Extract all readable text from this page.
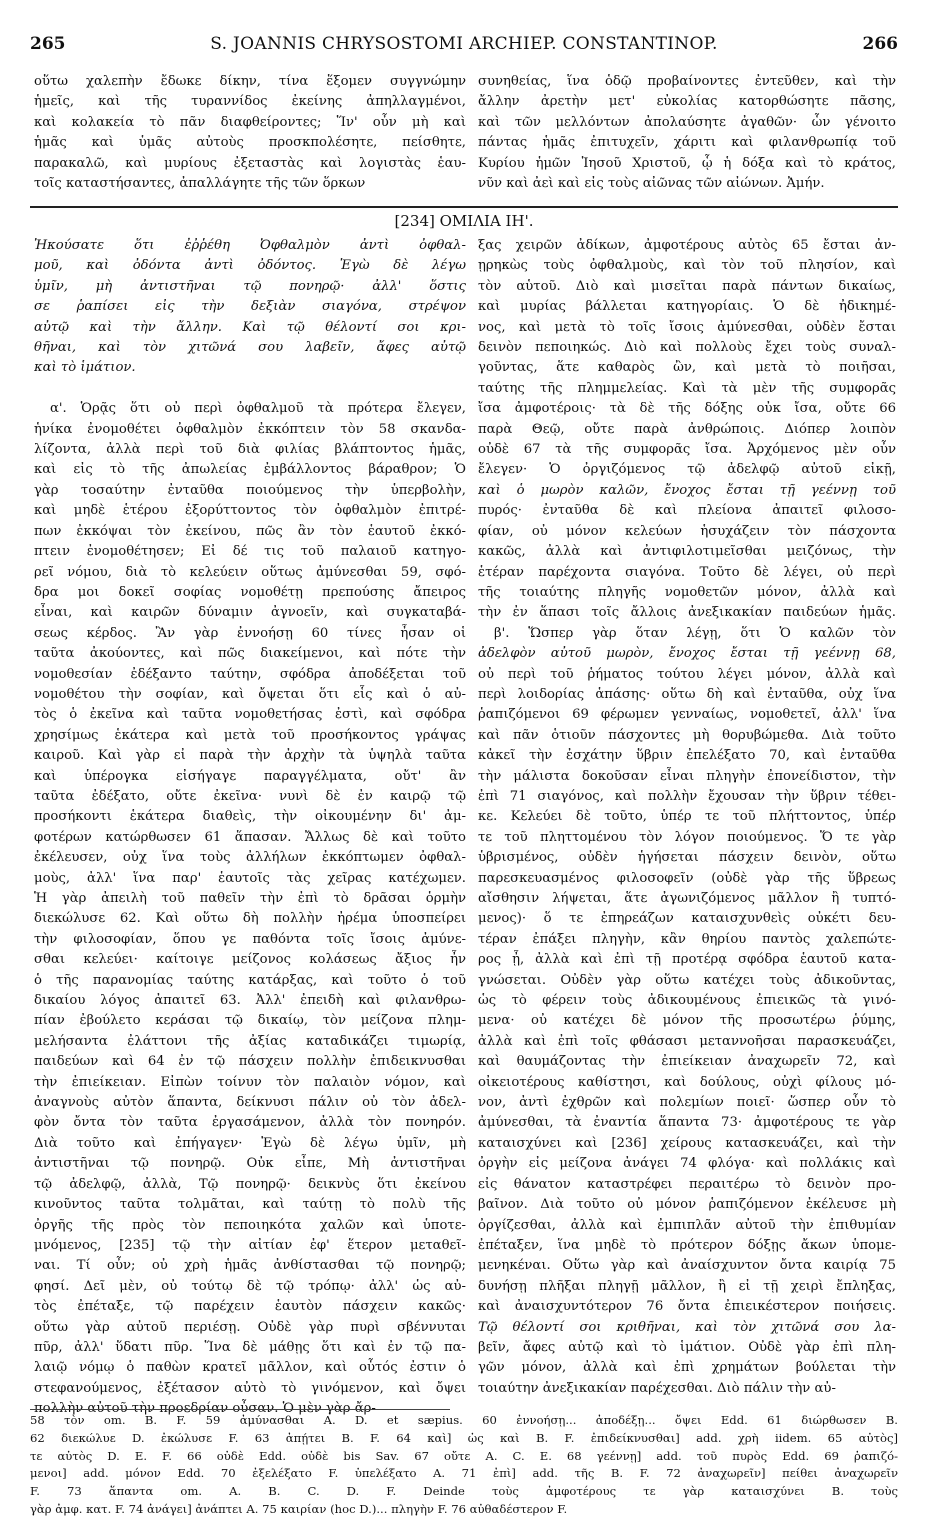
265	S. JOANNIS CHRYSOSTOMI ARCHIEP. CONSTANTINOP.	266
οὕτω χαλεπὴν ἔδωκε δίκην, τίνα ἕξομεν συγγνώμην
ἡμεῖς, καὶ τῆς τυραννίδος ἐκείνης ἀπηλλαγμένοι,
καὶ κολακεία τὸ πᾶν διαφθείροντες; Ἵν' οὖν μὴ καὶ
ἡμᾶς καὶ ὑμᾶς αὐτοὺς προσκπολέσητε, πείσθητε,
παρακαλῶ, καὶ μυρίους ἐξεταστὰς καὶ λογιστὰς ἑαυ-
τοῖς καταστήσαντες, ἀπαλλάγητε τῆς τῶν ὅρκων
συνηθείας, ἵνα ὁδῷ προβαίνοντες ἐντεῦθεν, καὶ τὴν
ἄλλην ἀρετὴν μετ' εὐκολίας κατορθώσητε πᾶσης,
καὶ τῶν μελλόντων ἀπολαύσητε ἀγαθῶν· ὧν γένοιτο
πάντας ἡμᾶς ἐπιτυχεῖν, χάριτι καὶ φιλανθρωπίᾳ τοῦ
Κυρίου ἡμῶν Ἰησοῦ Χριστοῦ, ᾧ ἡ δόξα καὶ τὸ κράτος,
νῦν καὶ ἀεὶ καὶ εἰς τοὺς αἰῶνας τῶν αἰώνων. Ἀμήν.
[234] ΟΜΙΛΙΑ ΙΗ'.
Ἠκούσατε ὅτι ἐῤῥέθη Ὀφθαλμὸν ἀντὶ ὀφθαλ-
μοῦ, καὶ ὀδόντα ἀντὶ ὀδόντος. Ἐγὼ δὲ λέγω
ὑμῖν, μὴ ἀντιστῆναι τῷ πονηρῷ· ἀλλ' ὅστις
σε ῥαπίσει εἰς τὴν δεξιὰν σιαγόνα, στρέψον
αὐτῷ καὶ τὴν ἄλλην. Καὶ τῷ θέλοντί σοι κρι-
θῆναι, καὶ τὸν χιτῶνά σου λαβεῖν, ἄφες αὐτῷ
καὶ τὸ ἱμάτιον.

α'. Ὁρᾷς ὅτι οὐ περὶ ὀφθαλμοῦ τὰ πρότερα ἔλεγεν,
ἡνίκα ἐνομοθέτει ὀφθαλμὸν ἐκκόπτειν τὸν 58 σκανδα-
λίζοντα, ἀλλὰ περὶ τοῦ διὰ φιλίας βλάπτοντος ἡμᾶς,
καὶ εἰς τὸ τῆς ἀπωλείας ἐμβάλλοντος βάραθρον; Ὁ
γὰρ τοσαύτην ἐνταῦθα ποιούμενος τὴν ὑπερβολὴν,
καὶ μηδὲ ἑτέρου ἐξορύττοντος τὸν ὀφθαλμὸν ἐπιτρέ-
πων ἐκκόψαι τὸν ἐκείνου, πῶς ἂν τὸν ἑαυτοῦ ἐκκό-
πτειν ἐνομοθέτησεν; Εἰ δέ τις τοῦ παλαιοῦ κατηγο-
ρεῖ νόμου, διὰ τὸ κελεύειν οὕτως ἀμύνεσθαι 59, σφό-
δρα μοι δοκεῖ σοφίας νομοθέτῃ πρεπούσης ἄπειρος
εἶναι, καὶ καιρῶν δύναμιν ἀγνοεῖν, καὶ συγκαταβά-
σεως κέρδος. Ἂν γὰρ ἐννοήσῃ 60 τίνες ἦσαν οἱ
ταῦτα ἀκούοντες, καὶ πῶς διακείμενοι, καὶ πότε τὴν
νομοθεσίαν ἐδέξαντο ταύτην, σφόδρα ἀποδέξεται τοῦ
νομοθέτου τὴν σοφίαν, καὶ ὄψεται ὅτι εἷς καὶ ὁ αὐ-
τὸς ὁ ἐκεῖνα καὶ ταῦτα νομοθετήσας ἐστὶ, καὶ σφόδρα
χρησίμως ἑκάτερα καὶ μετὰ τοῦ προσήκοντος γράψας
καιροῦ. Καὶ γὰρ εἰ παρὰ τὴν ἀρχὴν τὰ ὑψηλὰ ταῦτα
καὶ ὑπέρογκα εἰσήγαγε παραγγέλματα, οὔτ' ἂν
ταῦτα ἐδέξατο, οὔτε ἐκεῖνα· νυνὶ δὲ ἐν καιρῷ τῷ
προσήκοντι ἑκάτερα διαθεὶς, τὴν οἰκουμένην δι' ἀμ-
φοτέρων κατώρθωσεν 61 ἅπασαν. Ἄλλως δὲ καὶ τοῦτο
ἐκέλευσεν, οὐχ ἵνα τοὺς ἀλλήλων ἐκκόπτωμεν ὀφθαλ-
μοὺς, ἀλλ' ἵνα παρ' ἑαυτοῖς τὰς χεῖρας κατέχωμεν.
Ἡ γὰρ ἀπειλὴ τοῦ παθεῖν τὴν ἐπὶ τὸ δρᾶσαι ὁρμὴν
διεκώλυσε 62. Καὶ οὕτω δὴ πολλὴν ἠρέμα ὑποσπείρει
τὴν φιλοσοφίαν, ὅπου γε παθόντα τοῖς ἴσοις ἀμύνε-
σθαι κελεύει· καίτοιγε μείζονος κολάσεως ἄξιος ἦν
ὁ τῆς παρανομίας ταύτης κατάρξας, καὶ τοῦτο ὁ τοῦ
δικαίου λόγος ἀπαιτεῖ 63. Ἀλλ' ἐπειδὴ καὶ φιλανθρω-
πίαν ἐβούλετο κεράσαι τῷ δικαίῳ, τὸν μείζονα πλημ-
μελήσαντα ἐλάττονι τῆς ἀξίας καταδικάζει τιμωρίᾳ,
παιδεύων καὶ 64 ἐν τῷ πάσχειν πολλὴν ἐπιδεικνυσθαι
τὴν ἐπιείκειαν. Εἰπὼν τοίνυν τὸν παλαιὸν νόμον, καὶ
ἀναγνοὺς αὐτὸν ἅπαντα, δείκνυσι πάλιν οὐ τὸν ἀδελ-
φὸν ὄντα τὸν ταῦτα ἐργασάμενον, ἀλλὰ τὸν πονηρόν.
Διὰ τοῦτο καὶ ἐπήγαγεν· Ἐγὼ δὲ λέγω ὑμῖν, μὴ
ἀντιστῆναι τῷ πονηρῷ. Οὐκ εἶπε, Μὴ ἀντιστῆναι
τῷ ἀδελφῷ, ἀλλὰ, Τῷ πονηρῷ· δεικνὺς ὅτι ἐκείνου
κινοῦντος ταῦτα τολμᾶται, καὶ ταύτῃ τὸ πολὺ τῆς
ὀργῆς τῆς πρὸς τὸν πεποιηκότα χαλῶν καὶ ὑποτε-
μνόμενος, [235] τῷ τὴν αἰτίαν ἐφ' ἕτερον μεταθεῖ-
ναι. Τί οὖν; οὐ χρὴ ἡμᾶς ἀνθίστασθαι τῷ πονηρῷ;
φησί. Δεῖ μὲν, οὐ τούτῳ δὲ τῷ τρόπῳ· ἀλλ' ὡς αὐ-
τὸς ἐπέταξε, τῷ παρέχειν ἑαυτὸν πάσχειν κακῶς·
οὕτω γὰρ αὐτοῦ περιέσῃ. Οὐδὲ γὰρ πυρὶ σβέννυται
πῦρ, ἀλλ' ὕδατι πῦρ. Ἵνα δὲ μάθῃς ὅτι καὶ ἐν τῷ πα-
λαιῷ νόμῳ ὁ παθὼν κρατεῖ μᾶλλον, καὶ οὗτός ἐστιν ὁ
στεφανούμενος, ἐξέτασον αὐτὸ τὸ γινόμενον, καὶ ὄψει
πολλὴν αὐτοῦ τὴν προεδρίαν οὖσαν. Ὁ μὲν γὰρ ἄρ-
ξας χειρῶν ἀδίκων, ἀμφοτέρους αὐτὸς 65 ἔσται ἀν-
ῃρηκὼς τοὺς ὀφθαλμοὺς, καὶ τὸν τοῦ πλησίον, καὶ
τὸν αὑτοῦ. Διὸ καὶ μισεῖται παρὰ πάντων δικαίως,
καὶ μυρίας βάλλεται κατηγορίαις. Ὁ δὲ ἠδικημέ-
νος, καὶ μετὰ τὸ τοῖς ἴσοις ἀμύνεσθαι, οὐδὲν ἔσται
δεινὸν πεποιηκώς. Διὸ καὶ πολλοὺς ἔχει τοὺς συναλ-
γοῦντας, ἅτε καθαρὸς ὢν, καὶ μετὰ τὸ ποιῆσαι,
ταύτης τῆς πλημμελείας. Καὶ τὰ μὲν τῆς συμφορᾶς
ἴσα ἀμφοτέροις· τὰ δὲ τῆς δόξης οὐκ ἴσα, οὔτε 66
παρὰ Θεῷ, οὔτε παρὰ ἀνθρώποις. Διόπερ λοιπὸν
οὐδὲ 67 τὰ τῆς συμφορᾶς ἴσα. Ἀρχόμενος μὲν οὖν
ἔλεγεν· Ὁ ὀργιζόμενος τῷ ἀδελφῷ αὐτοῦ εἰκῇ,
καὶ ὁ μωρὸν καλῶν, ἔνοχος ἔσται τῇ γεέννῃ τοῦ
πυρός· ἐνταῦθα δὲ καὶ πλείονα ἀπαιτεῖ φιλοσο-
φίαν, οὐ μόνον κελεύων ἡσυχάζειν τὸν πάσχοντα
κακῶς, ἀλλὰ καὶ ἀντιφιλοτιμεῖσθαι μειζόνως, τὴν
ἑτέραν παρέχοντα σιαγόνα. Τοῦτο δὲ λέγει, οὐ περὶ
τῆς τοιαύτης πληγῆς νομοθετῶν μόνον, ἀλλὰ καὶ
τὴν ἐν ἅπασι τοῖς ἄλλοις ἀνεξικακίαν παιδεύων ἡμᾶς.
β'. Ὥσπερ γὰρ ὅταν λέγῃ, ὅτι Ὁ καλῶν τὸν
ἀδελφὸν αὐτοῦ μωρὸν, ἔνοχος ἔσται τῇ γεέννῃ 68,
οὐ περὶ τοῦ ῥήματος τούτου λέγει μόνον, ἀλλὰ καὶ
περὶ λοιδορίας ἁπάσης· οὕτω δὴ καὶ ἐνταῦθα, οὐχ ἵνα
ῥαπιζόμενοι 69 φέρωμεν γενναίως, νομοθετεῖ, ἀλλ' ἵνα
καὶ πᾶν ὁτιοῦν πάσχοντες μὴ θορυβώμεθα. Διὰ τοῦτο
κἀκεῖ τὴν ἐσχάτην ὕβριν ἐπελέξατο 70, καὶ ἐνταῦθα
τὴν μάλιστα δοκοῦσαν εἶναι πληγὴν ἐπονείδιστον, τὴν
ἐπὶ 71 σιαγόνος, καὶ πολλὴν ἔχουσαν τὴν ὕβριν τέθει-
κε. Κελεύει δὲ τοῦτο, ὑπέρ τε τοῦ πλήττοντος, ὑπέρ
τε τοῦ πληττομένου τὸν λόγον ποιούμενος. Ὅ τε γὰρ
ὑβρισμένος, οὐδὲν ἡγήσεται πάσχειν δεινὸν, οὕτω
παρεσκευασμένος φιλοσοφεῖν (οὐδὲ γὰρ τῆς ὕβρεως
αἴσθησιν λήψεται, ἅτε ἀγωνιζόμενος μᾶλλον ἢ τυπτό-
μενος)· ὅ τε ἐπηρεάζων καταισχυνθεὶς οὐκέτι δευ-
τέραν ἐπάξει πληγὴν, κἂν θηρίου παντὸς χαλεπώτε-
ρος ᾖ, ἀλλὰ καὶ ἐπὶ τῇ προτέρᾳ σφόδρα ἑαυτοῦ κατα-
γνώσεται. Οὐδὲν γὰρ οὕτω κατέχει τοὺς ἀδικοῦντας,
ὡς τὸ φέρειν τοὺς ἀδικουμένους ἐπιεικῶς τὰ γινό-
μενα· οὐ κατέχει δὲ μόνον τῆς προσωτέρω ῥύμης,
ἀλλὰ καὶ ἐπὶ τοῖς φθάσασι μεταννοῆσαι παρασκευάζει,
καὶ θαυμάζοντας τὴν ἐπιείκειαν ἀναχωρεῖν 72, καὶ
οἰκειοτέρους καθίστησι, καὶ δούλους, οὐχὶ φίλους μό-
νον, ἀντὶ ἐχθρῶν καὶ πολεμίων ποιεῖ· ὥσπερ οὖν τὸ
ἀμύνεσθαι, τὰ ἐναντία ἅπαντα 73· ἀμφοτέρους τε γὰρ
καταισχύνει καὶ [236] χείρους κατασκευάζει, καὶ τὴν
ὀργὴν εἰς μείζονα ἀνάγει 74 φλόγα· καὶ πολλάκις καὶ
εἰς θάνατον καταστρέφει περαιτέρω τὸ δεινὸν προ-
βαῖνον. Διὰ τοῦτο οὐ μόνον ῥαπιζόμενον ἐκέλευσε μὴ
ὀργίζεσθαι, ἀλλὰ καὶ ἐμπιπλᾶν αὐτοῦ τὴν ἐπιθυμίαν
ἐπέταξεν, ἵνα μηδὲ τὸ πρότερον δόξῃς ἄκων ὑπομε-
μενηκέναι. Οὕτω γὰρ καὶ ἀναίσχυντον ὄντα καιρίᾳ 75
δυνήσῃ πλῆξαι πληγῇ μᾶλλον, ἢ εἰ τῇ χειρὶ ἔπληξας,
καὶ ἀναισχυντότερον 76 ὄντα ἐπιεικέστερον ποιήσεις.
Τῷ θέλοντί σοι κριθῆναι, καὶ τὸν χιτῶνά σου λα-
βεῖν, ἄφες αὐτῷ καὶ τὸ ἱμάτιον. Οὐδὲ γὰρ ἐπὶ πλη-
γῶν μόνον, ἀλλὰ καὶ ἐπὶ χρημάτων βούλεται τὴν
τοιαύτην ἀνεξικακίαν παρέχεσθαι. Διὸ πάλιν τὴν αὐ-
58 τὸν om. B. F. 59 ἀμύνασθαι A. D. et sæpius. 60 ἐννοήσῃ... ἀποδέξῃ... ὄψει Edd. 61 διώρθωσεν B.
62 διεκώλυε D. ἐκώλυσε F. 63 ἀπῄτει B. F. 64 καὶ] ὡς καὶ B. F. ἐπιδείκνυσθαι] add. χρὴ iidem. 65 αὐτὸς]
τε αὐτὸς D. E. F. 66 οὐδὲ Edd. οὐδὲ bis Sav. 67 οὔτε A. C. E. 68 γεέννῃ] add. τοῦ πυρὸς Edd. 69 ῥαπιζό-
μενοι] add. μόνον Edd. 70 ἐξελέξατο F. ὑπελέξατο A. 71 ἐπὶ] add. τῆς B. F. 72 ἀναχωρεῖν] πείθει ἀναχωρεῖν
F. 73 ἅπαντα om. A. B. C. D. F. Deinde τοὺς ἀμφοτέρους τε γὰρ καταισχύνει B. τοὺς
γὰρ ἀμφ. κατ. F. 74 ἀνάγει] ἀνάπτει A. 75 καιρίαν (hoc D.)... πληγὴν F. 76 αὐθαδέστερον F.
